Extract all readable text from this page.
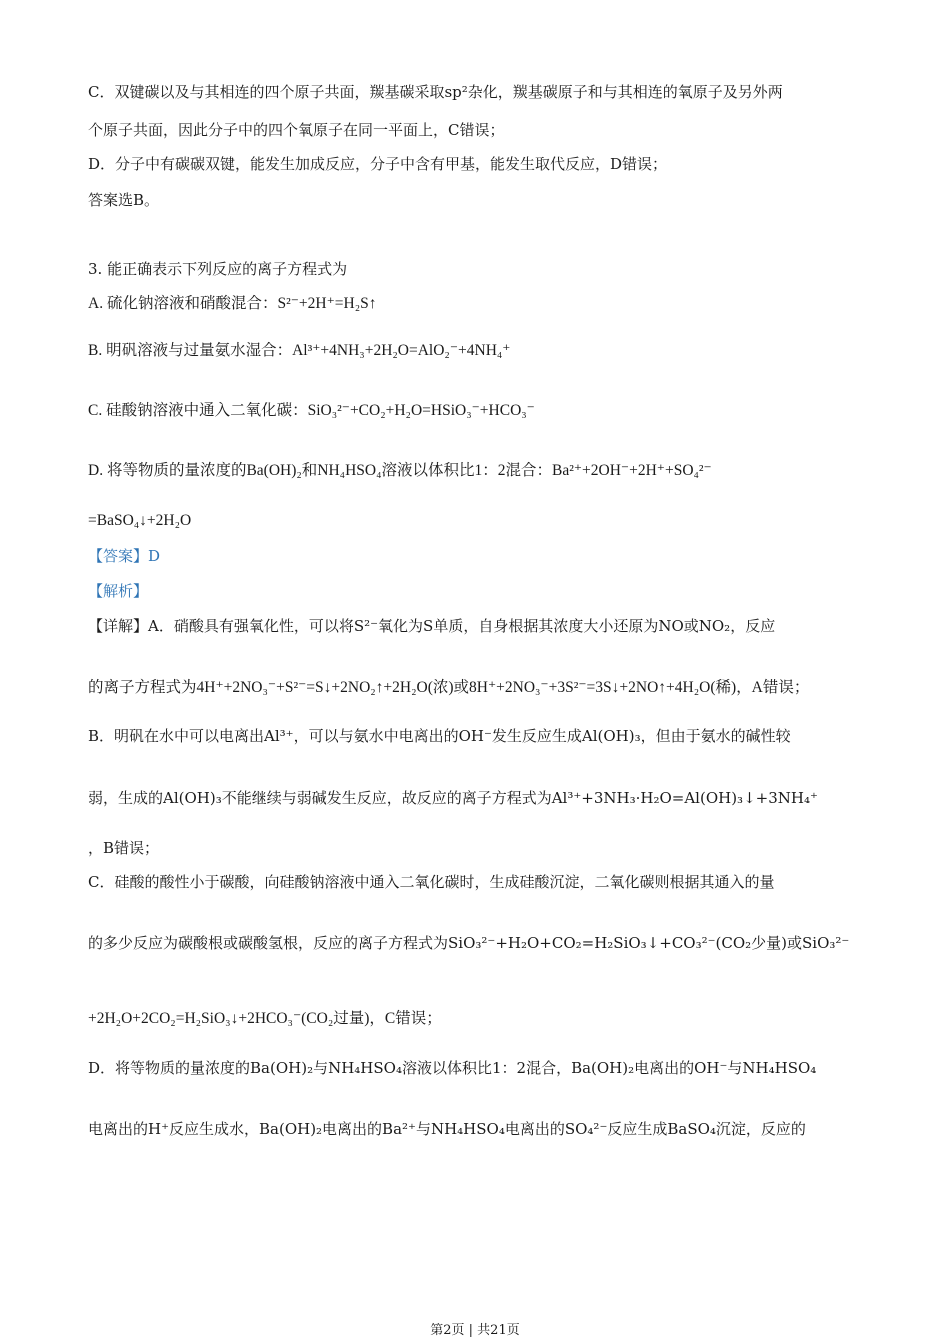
C．双键碳以及与其相连的四个原子共面，羰基碳采取sp²杂化，羰基碳原子和与其相连的氧原子及另外两
个原子共面，因此分子中的四个氧原子在同一平面上，C错误；
D．分子中有碳碳双键，能发生加成反应，分子中含有甲基，能发生取代反应，D错误；
答案选B。
3. 能正确表示下列反应的离子方程式为
A. 硫化钠溶液和硝酸混合：S²⁻+2H⁺=H₂S↑
B. 明矾溶液与过量氨水湿合：Al³⁺+4NH₃+2H₂O=AlO₂⁻+4NH₄⁺
C. 硅酸钠溶液中通入二氧化碳：SiO₃²⁻+CO₂+H₂O=HSiO₃⁻+HCO₃⁻
D. 将等物质的量浓度的Ba(OH)₂和NH₄HSO₄溶液以体积比1：2混合：Ba²⁺+2OH⁻+2H⁺+SO₄²⁻
=BaSO₄↓+2H₂O
【答案】D
【解析】
【详解】A．硝酸具有强氧化性，可以将S²⁻氧化为S单质，自身根据其浓度大小还原为NO或NO₂，反应
的离子方程式为4H⁺+2NO₃⁻+S²⁻=S↓+2NO₂↑+2H₂O(浓)或8H⁺+2NO₃⁻+3S²⁻=3S↓+2NO↑+4H₂O(稀)，A错误；
B．明矾在水中可以电离出Al³⁺，可以与氨水中电离出的OH⁻发生反应生成Al(OH)₃，但由于氨水的碱性较
弱，生成的Al(OH)₃不能继续与弱碱发生反应，故反应的离子方程式为Al³⁺+3NH₃·H₂O=Al(OH)₃↓+3NH₄⁺
，B错误；
C．硅酸的酸性小于碳酸，向硅酸钠溶液中通入二氧化碳时，生成硅酸沉淀，二氧化碳则根据其通入的量
的多少反应为碳酸根或碳酸氢根，反应的离子方程式为SiO₃²⁻+H₂O+CO₂=H₂SiO₃↓+CO₃²⁻(CO₂少量)或SiO₃²⁻
+2H₂O+2CO₂=H₂SiO₃↓+2HCO₃⁻(CO₂过量)，C错误；
D．将等物质的量浓度的Ba(OH)₂与NH₄HSO₄溶液以体积比1：2混合，Ba(OH)₂电离出的OH⁻与NH₄HSO₄
电离出的H⁺反应生成水，Ba(OH)₂电离出的Ba²⁺与NH₄HSO₄电离出的SO₄²⁻反应生成BaSO₄沉淀，反应的
第2页 | 共21页
